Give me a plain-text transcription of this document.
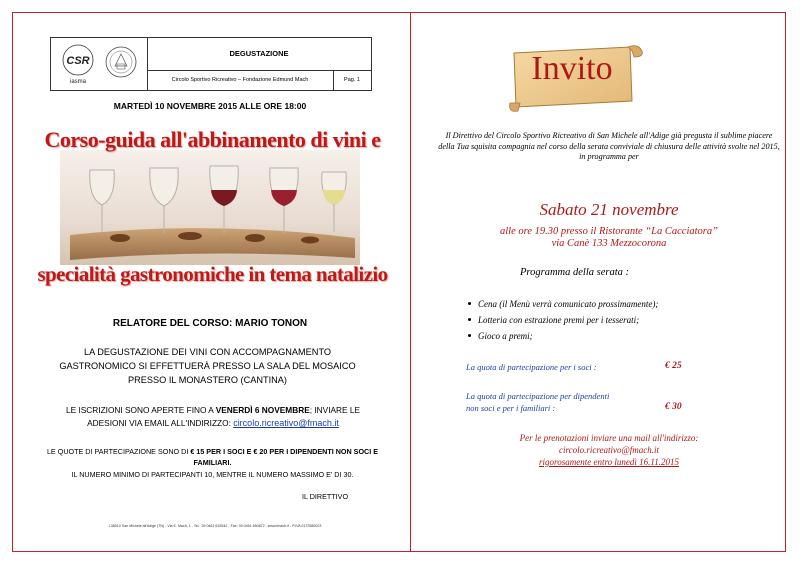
CSR
iasma
DEGUSTAZIONE
Circolo Sportivo Ricreativo – Fondazione Edmund Mach	Pag. 1
MARTEDÌ 10 NOVEMBRE 2015 ALLE ORE 18:00
Corso-guida all'abbinamento di vini e
specialità gastronomiche in tema natalizio
RELATORE DEL CORSO: MARIO TONON
LA DEGUSTAZIONE DEI VINI CON ACCOMPAGNAMENTO GASTRONOMICO SI EFFETTUERÀ PRESSO LA SALA DEL MOSAICO PRESSO IL MONASTERO (CANTINA)
LE ISCRIZIONI SONO APERTE FINO A VENERDÌ 6 NOVEMBRE; INVIARE LE ADESIONI VIA EMAIL ALL'INDIRIZZO: circolo.ricreativo@fmach.it
LE QUOTE DI PARTECIPAZIONE SONO DI € 15 PER I SOCI E € 20 PER I DIPENDENTI NON SOCI E FAMILIARI.
IL NUMERO MINIMO DI PARTECIPANTI 10, MENTRE IL NUMERO MASSIMO E' DI 30.
IL DIRETTIVO
I-38010 San Michele all'Adige (TN) - Via E. Mach, 1 - Tel.: 39 0461 615542 - Fax: 39 0461 650872 - www.fmach.it - P.IVA 0172580023
Invito
Il Direttivo del Circolo Sportivo Ricreativo di San Michele all'Adige già pregusta il sublime piacere della Tua squisita compagnia nel corso della serata conviviale di chiusura delle attività svolte nel 2015, in programma per
Sabato 21 novembre
alle ore 19.30 presso il Ristorante “La Cacciatora”
via Canè 133 Mezzocorona
Programma della serata :
Cena (il Menù verrà comunicato prossimamente);
Lotteria con estrazione premi per i tesserati;
Gioco a premi;
La quota di partecipazione per i soci :	€ 25
La quota di partecipazione per dipendenti
non soci e per i familiari :	€ 30
Per le prenotazioni inviare una mail all'indirizzo:
circolo.ricreativo@fmach.it
rigorosamente entro lunedì 16.11.2015
